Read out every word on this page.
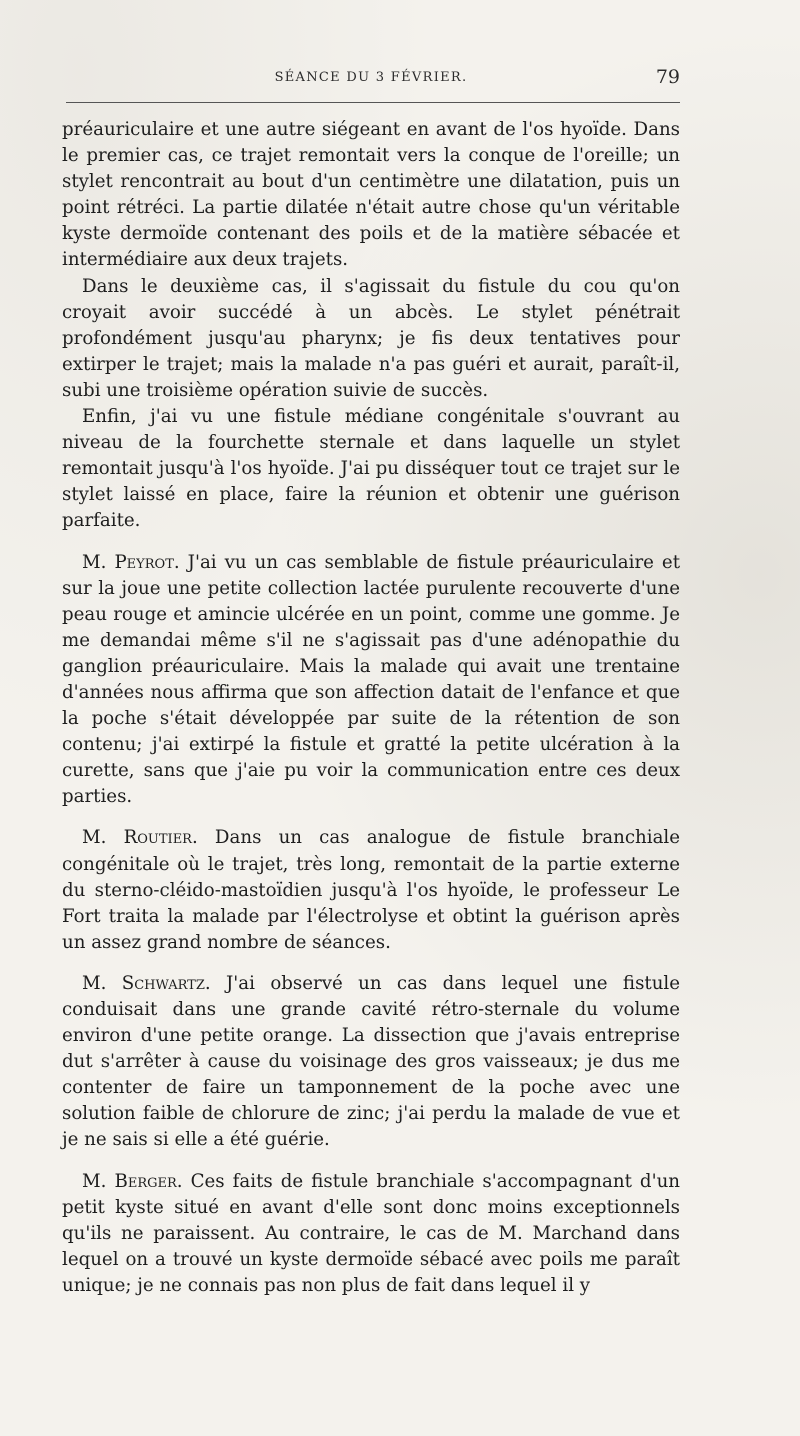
SÉANCE DU 3 FÉVRIER.	79

préauriculaire et une autre siégeant en avant de l'os hyoïde. Dans le premier cas, ce trajet remontait vers la conque de l'oreille; un stylet rencontrait au bout d'un centimètre une dilatation, puis un point rétréci. La partie dilatée n'était autre chose qu'un véritable kyste dermoïde contenant des poils et de la matière sébacée et intermédiaire aux deux trajets.

Dans le deuxième cas, il s'agissait du fistule du cou qu'on croyait avoir succédé à un abcès. Le stylet pénétrait profondément jusqu'au pharynx; je fis deux tentatives pour extirper le trajet; mais la malade n'a pas guéri et aurait, paraît-il, subi une troisième opération suivie de succès.

Enfin, j'ai vu une fistule médiane congénitale s'ouvrant au niveau de la fourchette sternale et dans laquelle un stylet remontait jusqu'à l'os hyoïde. J'ai pu disséquer tout ce trajet sur le stylet laissé en place, faire la réunion et obtenir une guérison parfaite.

M. Peyrot. J'ai vu un cas semblable de fistule préauriculaire et sur la joue une petite collection lactée purulente recouverte d'une peau rouge et amincie ulcérée en un point, comme une gomme. Je me demandai même s'il ne s'agissait pas d'une adénopathie du ganglion préauriculaire. Mais la malade qui avait une trentaine d'années nous affirma que son affection datait de l'enfance et que la poche s'était développée par suite de la rétention de son contenu; j'ai extirpé la fistule et gratté la petite ulcération à la curette, sans que j'aie pu voir la communication entre ces deux parties.

M. Routier. Dans un cas analogue de fistule branchiale congénitale où le trajet, très long, remontait de la partie externe du sterno-cléido-mastoïdien jusqu'à l'os hyoïde, le professeur Le Fort traita la malade par l'électrolyse et obtint la guérison après un assez grand nombre de séances.

M. Schwartz. J'ai observé un cas dans lequel une fistule conduisait dans une grande cavité rétro-sternale du volume environ d'une petite orange. La dissection que j'avais entreprise dut s'arrêter à cause du voisinage des gros vaisseaux; je dus me contenter de faire un tamponnement de la poche avec une solution faible de chlorure de zinc; j'ai perdu la malade de vue et je ne sais si elle a été guérie.

M. Berger. Ces faits de fistule branchiale s'accompagnant d'un petit kyste situé en avant d'elle sont donc moins exceptionnels qu'ils ne paraissent. Au contraire, le cas de M. Marchand dans lequel on a trouvé un kyste dermoïde sébacé avec poils me paraît unique; je ne connais pas non plus de fait dans lequel il y
